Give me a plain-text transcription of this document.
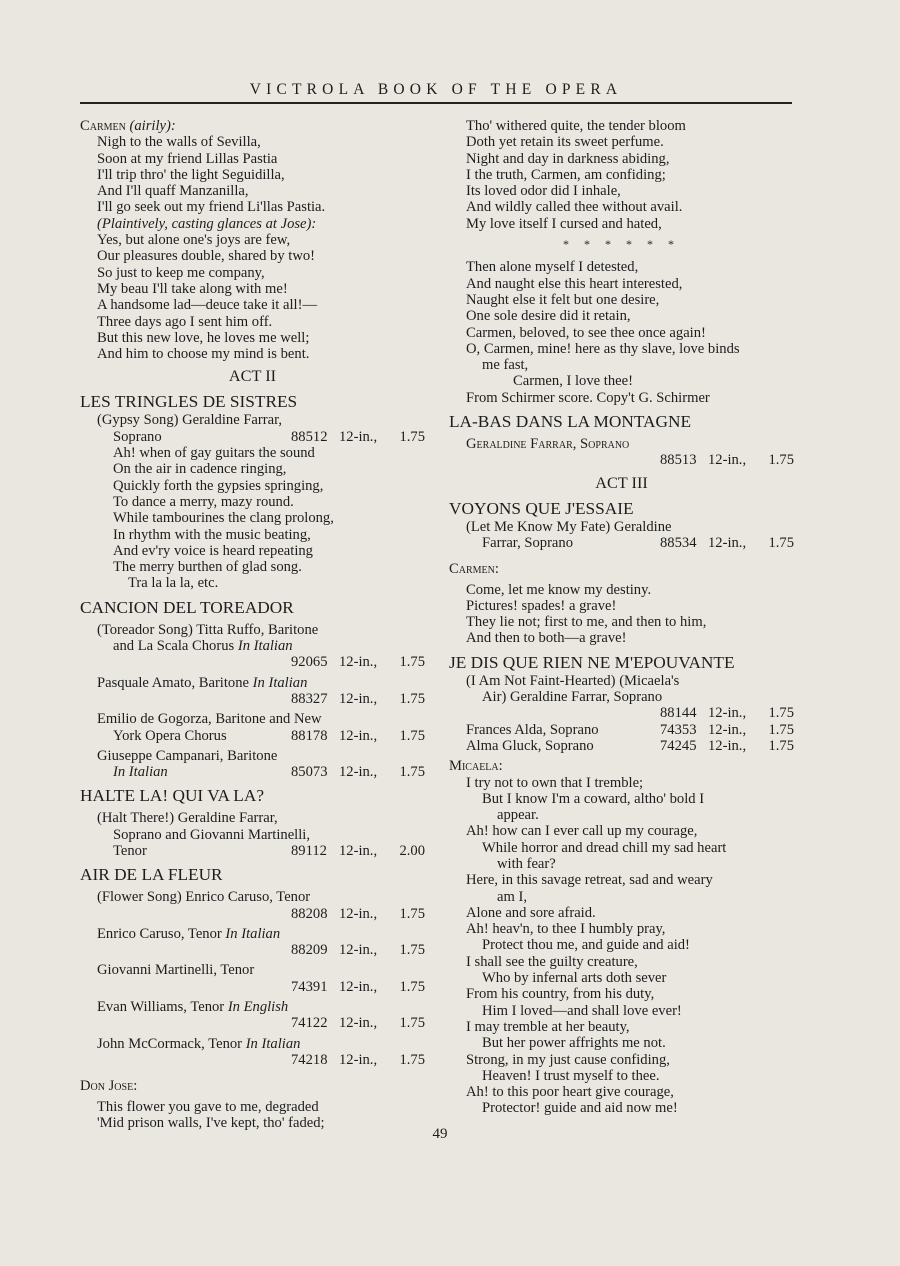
VICTROLA BOOK OF THE OPERA
Carmen (airily):
Nigh to the walls of Sevilla,
Soon at my friend Lillas Pastia
I'll trip thro' the light Seguidilla,
And I'll quaff Manzanilla,
I'll go seek out my friend Li'llas Pastia.
(Plaintively, casting glances at Jose):
Yes, but alone one's joys are few,
Our pleasures double, shared by two!
So just to keep me company,
My beau I'll take along with me!
A handsome lad—deuce take it all!—
Three days ago I sent him off.
But this new love, he loves me well;
And him to choose my mind is bent.
ACT II
LES TRINGLES DE SISTRES
(Gypsy Song) Geraldine Farrar,
Soprano	88512 12-in.,	1.75
Ah! when of gay guitars the sound
On the air in cadence ringing,
Quickly forth the gypsies springing,
To dance a merry, mazy round.
While tambourines the clang prolong,
In rhythm with the music beating,
And ev'ry voice is heard repeating
The merry burthen of glad song.
Tra la la la, etc.
CANCION DEL TOREADOR
(Toreador Song) Titta Ruffo, Baritone
and La Scala Chorus In Italian
92065 12-in.,	1.75
Pasquale Amato, Baritone In Italian
88327 12-in.,	1.75
Emilio de Gogorza, Baritone and New
York Opera Chorus	88178 12-in.,	1.75
Giuseppe Campanari, Baritone
In Italian	85073 12-in.,	1.75
HALTE LA! QUI VA LA?
(Halt There!) Geraldine Farrar,
Soprano and Giovanni Martinelli,
Tenor	89112 12-in.,	2.00
AIR DE LA FLEUR
(Flower Song) Enrico Caruso, Tenor
88208 12-in.,	1.75
Enrico Caruso, Tenor In Italian
88209 12-in.,	1.75
Giovanni Martinelli, Tenor
74391 12-in.,	1.75
Evan Williams, Tenor In English
74122 12-in.,	1.75
John McCormack, Tenor In Italian
74218 12-in.,	1.75
Don Jose:
This flower you gave to me, degraded
'Mid prison walls, I've kept, tho' faded;
Tho' withered quite, the tender bloom
Doth yet retain its sweet perfume.
Night and day in darkness abiding,
I the truth, Carmen, am confiding;
Its loved odor did I inhale,
And wildly called thee without avail.
My love itself I cursed and hated,
* * * * * *
Then alone myself I detested,
And naught else this heart interested,
Naught else it felt but one desire,
One sole desire did it retain,
Carmen, beloved, to see thee once again!
O, Carmen, mine! here as thy slave, love binds
me fast,
Carmen, I love thee!
From Schirmer score. Copy't G. Schirmer
LA-BAS DANS LA MONTAGNE
Geraldine Farrar, Soprano
88513 12-in.,	1.75
ACT III
VOYONS QUE J'ESSAIE
(Let Me Know My Fate) Geraldine
Farrar, Soprano	88534 12-in.,	1.75
Carmen:
Come, let me know my destiny.
Pictures! spades! a grave!
They lie not; first to me, and then to him,
And then to both—a grave!
JE DIS QUE RIEN NE M'EPOUVANTE
(I Am Not Faint-Hearted) (Micaela's
Air) Geraldine Farrar, Soprano
88144 12-in.,	1.75
Frances Alda, Soprano	74353 12-in.,	1.75
Alma Gluck, Soprano	74245 12-in.,	1.75
Micaela:
I try not to own that I tremble;
But I know I'm a coward, altho' bold I
appear.
Ah! how can I ever call up my courage,
While horror and dread chill my sad heart
with fear?
Here, in this savage retreat, sad and weary
am I,
Alone and sore afraid.
Ah! heav'n, to thee I humbly pray,
Protect thou me, and guide and aid!
I shall see the guilty creature,
Who by infernal arts doth sever
From his country, from his duty,
Him I loved—and shall love ever!
I may tremble at her beauty,
But her power affrights me not.
Strong, in my just cause confiding,
Heaven! I trust myself to thee.
Ah! to this poor heart give courage,
Protector! guide and aid now me!
49
